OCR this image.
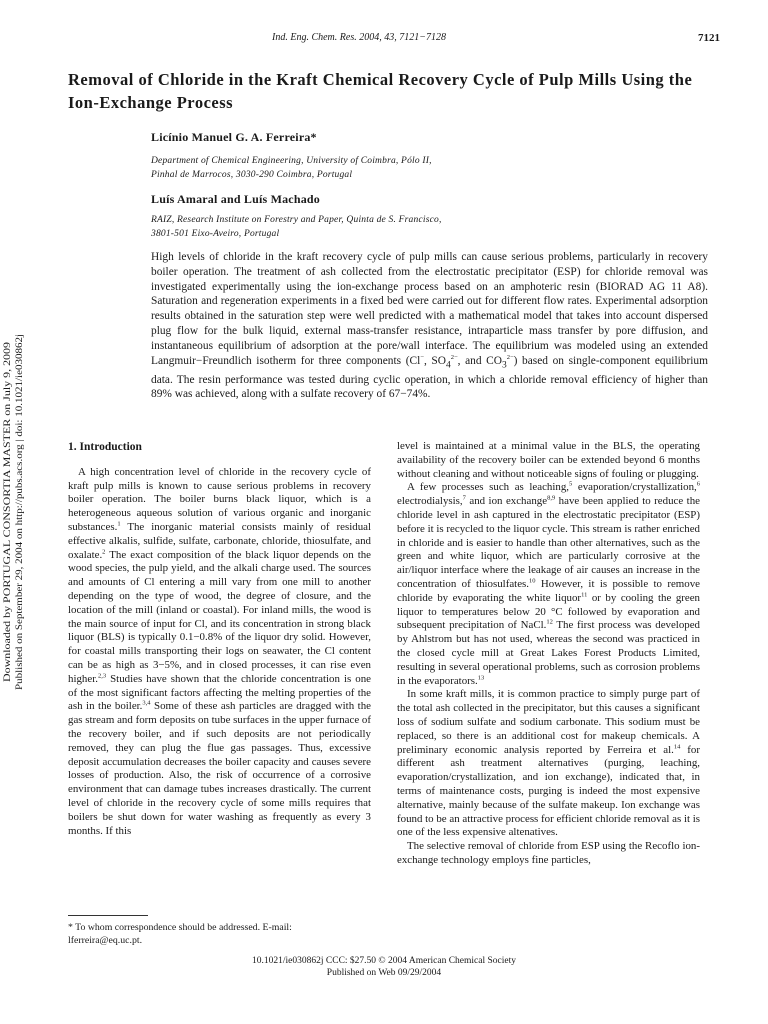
Ind. Eng. Chem. Res. 2004, 43, 7121−7128	7121
Removal of Chloride in the Kraft Chemical Recovery Cycle of Pulp Mills Using the Ion-Exchange Process
Licínio Manuel G. A. Ferreira*
Department of Chemical Engineering, University of Coimbra, Pólo II,
Pinhal de Marrocos, 3030-290 Coimbra, Portugal
Luís Amaral and Luís Machado
RAIZ, Research Institute on Forestry and Paper, Quinta de S. Francisco,
3801-501 Eixo-Aveiro, Portugal
High levels of chloride in the kraft recovery cycle of pulp mills can cause serious problems, particularly in recovery boiler operation. The treatment of ash collected from the electrostatic precipitator (ESP) for chloride removal was investigated experimentally using the ion-exchange process based on an amphoteric resin (BIORAD AG 11 A8). Saturation and regeneration experiments in a fixed bed were carried out for different flow rates. Experimental adsorption results obtained in the saturation step were well predicted with a mathematical model that takes into account dispersed plug flow for the bulk liquid, external mass-transfer resistance, intraparticle mass transfer by pore diffusion, and instantaneous equilibrium of adsorption at the pore/wall interface. The equilibrium was modeled using an extended Langmuir−Freundlich isotherm for three components (Cl−, $SO_4^{2-}$, and $CO_3^{2-}$) based on single-component equilibrium data. The resin performance was tested during cyclic operation, in which a chloride removal efficiency of higher than 89% was achieved, along with a sulfate recovery of 67−74%.
Downloaded by PORTUGAL CONSORTIA MASTER on July 9, 2009 Published on September 29, 2004 on http://pubs.acs.org | doi: 10.1021/ie030862j	1. Introduction

A high concentration level of chloride in the recovery cycle of kraft pulp mills is known to cause serious problems in recovery boiler operation. The boiler burns black liquor, which is a heterogeneous aqueous solution of various organic and inorganic substances.$^1$ The inorganic material consists mainly of residual effective alkalis, sulfide, sulfate, carbonate, chloride, thiosulfate, and oxalate.$^2$ The exact composition of the black liquor depends on the wood species, the pulp yield, and the alkali charge used. The sources and amounts of Cl entering a mill vary from one mill to another depending on the type of wood, the degree of closure, and the location of the mill (inland or coastal). For inland mills, the wood is the main source of input for Cl, and its concentration in strong black liquor (BLS) is typically 0.1−0.8% of the liquor dry solid. However, for coastal mills transporting their logs on seawater, the Cl content can be as high as 3−5%, and in closed processes, it can rise even higher.$^{2,3}$ Studies have shown that the chloride concentration is one of the most significant factors affecting the melting properties of the ash in the boiler.$^{3,4}$ Some of these ash particles are dragged with the gas stream and form deposits on tube surfaces in the upper furnace of the recovery boiler, and if such deposits are not periodically removed, they can plug the flue gas passages. Thus, excessive deposit accumulation decreases the boiler capacity and causes severe losses of production. Also, the risk of occurrence of a corrosive environment that can damage tubes increases drastically. The current level of chloride in the recovery cycle of some mills requires that boilers be shut down for water washing as frequently as every 3 months. If this

level is maintained at a minimal value in the BLS, the operating availability of the recovery boiler can be extended beyond 6 months without cleaning and without noticeable signs of fouling or plugging.

A few processes such as leaching,$^5$ evaporation/crystallization,$^6$ electrodialysis,$^7$ and ion exchange$^{8,9}$ have been applied to reduce the chloride level in ash captured in the electrostatic precipitator (ESP) before it is recycled to the liquor cycle. This stream is rather enriched in chloride and is easier to handle than other alternatives, such as the green and white liquor, which are particularly corrosive at the air/liquor interface where the leakage of air causes an increase in the concentration of thiosulfates.$^{10}$ However, it is possible to remove chloride by evaporating the white liquor$^{11}$ or by cooling the green liquor to temperatures below 20 °C followed by evaporation and subsequent precipitation of NaCl.$^{12}$ The first process was developed by Ahlstrom but has not used, whereas the second was practiced in the closed cycle mill at Great Lakes Forest Products Limited, resulting in several operational problems, such as corrosion problems in the evaporators.$^{13}$

In some kraft mills, it is common practice to simply purge part of the total ash collected in the precipitator, but this causes a significant loss of sodium sulfate and sodium carbonate. This sodium must be replaced, so there is an additional cost for makeup chemicals. A preliminary economic analysis reported by Ferreira et al.$^{14}$ for different ash treatment alternatives (purging, leaching, evaporation/crystallization, and ion exchange), indicated that, in terms of maintenance costs, purging is indeed the most expensive alternative, mainly because of the sulfate makeup. Ion exchange was found to be an attractive process for efficient chloride removal as it is one of the less expensive altenatives.

The selective removal of chloride from ESP using the Recoflo ion-exchange technology employs fine particles,

* To whom correspondence should be addressed. E-mail: lferreira@eq.uc.pt.
10.1021/ie030862j CCC: $27.50 © 2004 American Chemical Society
Published on Web 09/29/2004
